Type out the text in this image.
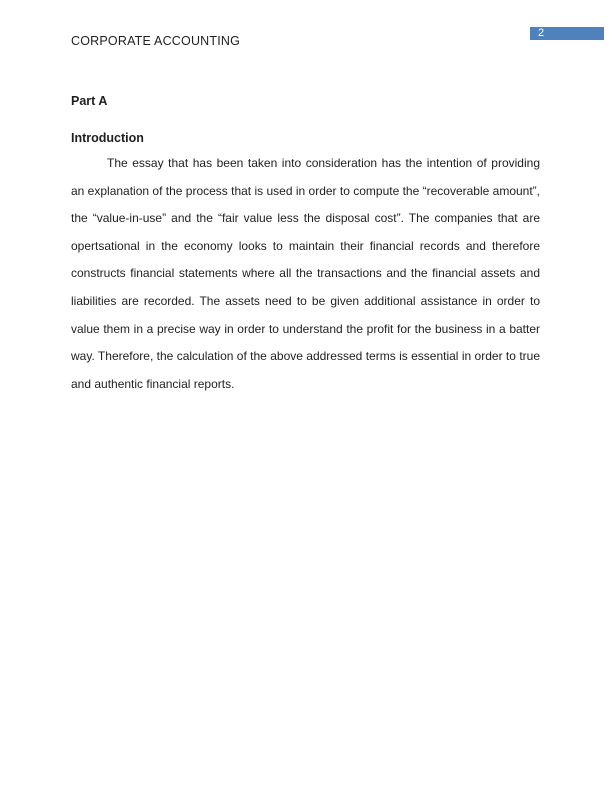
CORPORATE ACCOUNTING
2
Part A
Introduction
The essay that has been taken into consideration has the intention of providing an explanation of the process that is used in order to compute the “recoverable amount”, the “value-in-use” and the “fair value less the disposal cost”. The companies that are opertsational in the economy looks to maintain their financial records and therefore constructs financial statements where all the transactions and the financial assets and liabilities are recorded. The assets need to be given additional assistance in order to value them in a precise way in order to understand the profit for the business in a batter way. Therefore, the calculation of the above addressed terms is essential in order to true and authentic financial reports.
